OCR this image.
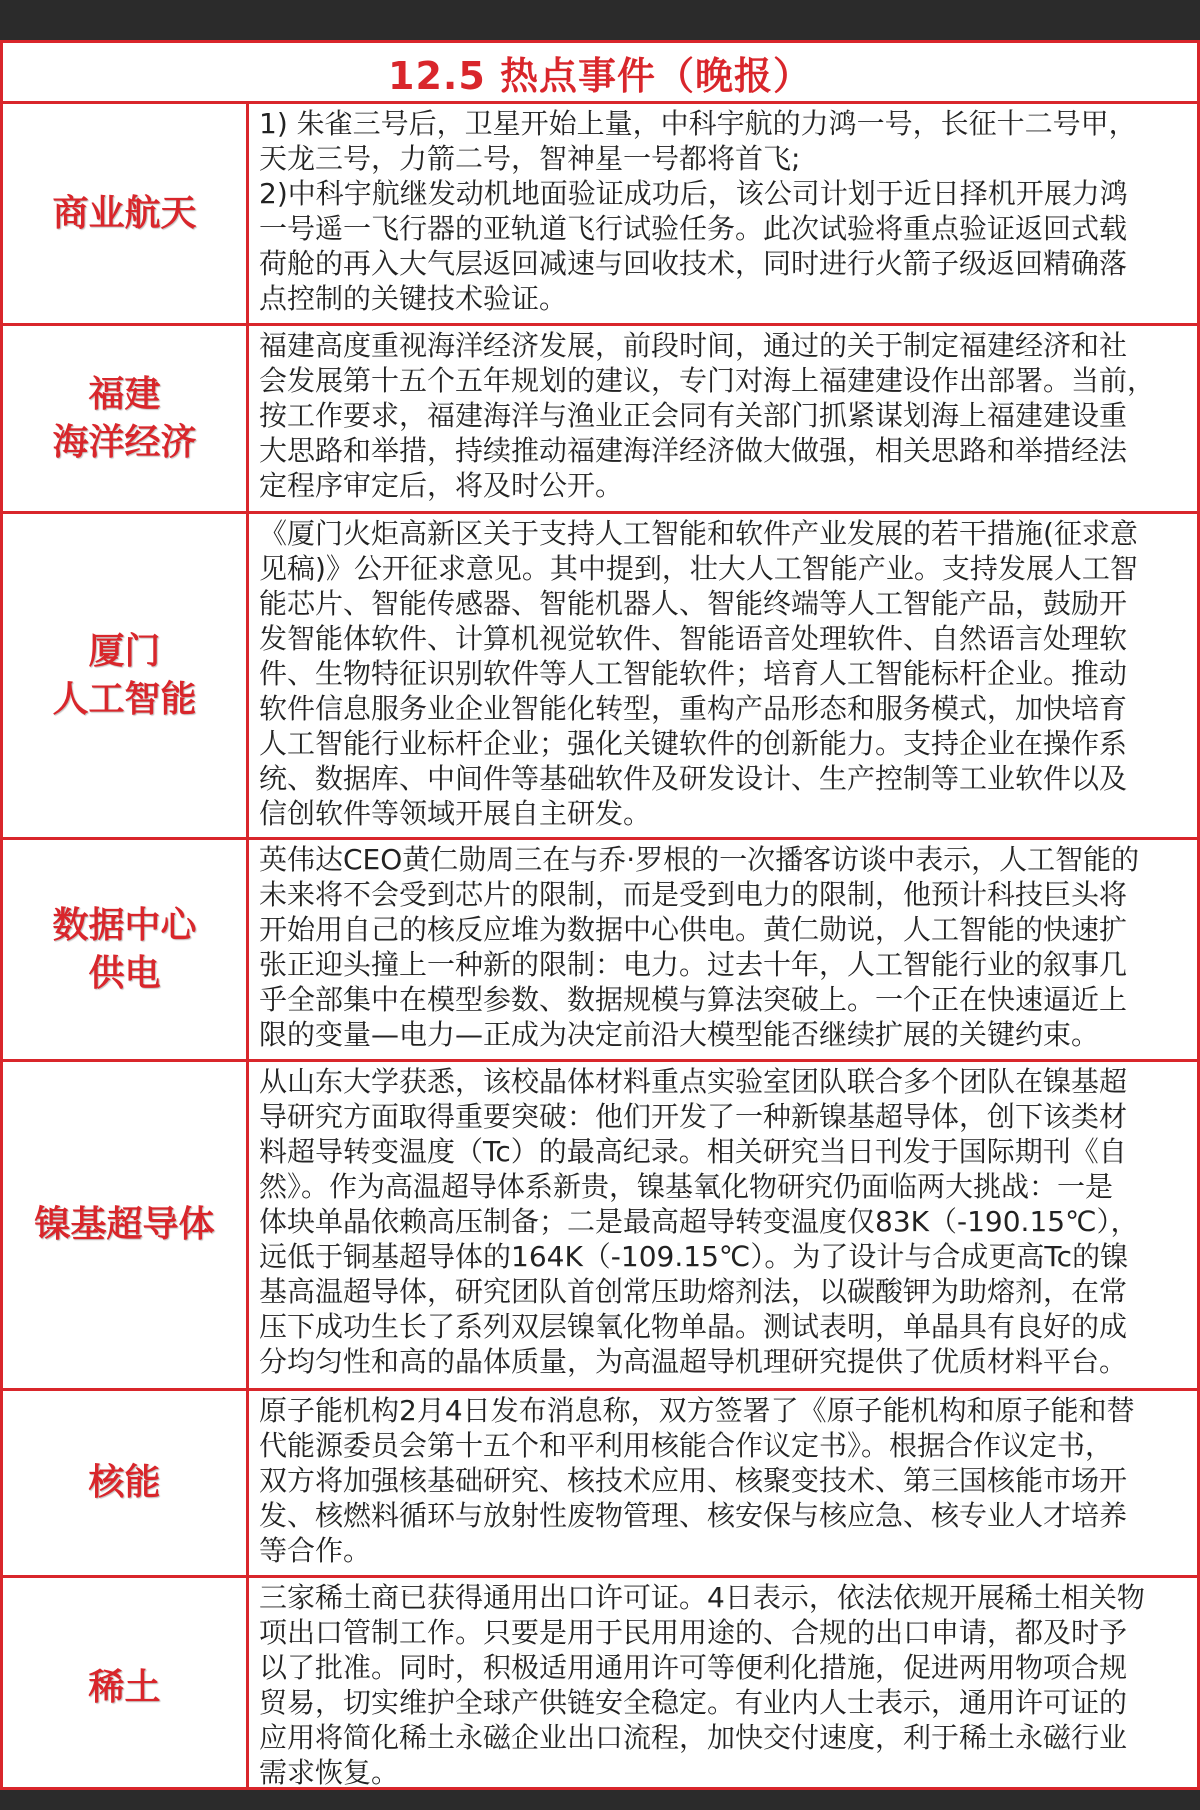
12.5 热点事件（晚报）
商业航天
1) 朱雀三号后，卫星开始上量，中科宇航的力鸿一号，长征十二号甲，
天龙三号，力箭二号，智神星一号都将首飞;
2)中科宇航继发动机地面验证成功后，该公司计划于近日择机开展力鸿
一号遥一飞行器的亚轨道飞行试验任务。此次试验将重点验证返回式载
荷舱的再入大气层返回减速与回收技术，同时进行火箭子级返回精确落
点控制的关键技术验证。
福建
海洋经济
福建高度重视海洋经济发展，前段时间，通过的关于制定福建经济和社
会发展第十五个五年规划的建议，专门对海上福建建设作出部署。当前，
按工作要求，福建海洋与渔业正会同有关部门抓紧谋划海上福建建设重
大思路和举措，持续推动福建海洋经济做大做强，相关思路和举措经法
定程序审定后，将及时公开。
厦门
人工智能
《厦门火炬高新区关于支持人工智能和软件产业发展的若干措施(征求意
见稿)》公开征求意见。其中提到，壮大人工智能产业。支持发展人工智
能芯片、智能传感器、智能机器人、智能终端等人工智能产品，鼓励开
发智能体软件、计算机视觉软件、智能语音处理软件、自然语言处理软
件、生物特征识别软件等人工智能软件；培育人工智能标杆企业。推动
软件信息服务业企业智能化转型，重构产品形态和服务模式，加快培育
人工智能行业标杆企业；强化关键软件的创新能力。支持企业在操作系
统、数据库、中间件等基础软件及研发设计、生产控制等工业软件以及
信创软件等领域开展自主研发。
数据中心
供电
英伟达CEO黄仁勋周三在与乔·罗根的一次播客访谈中表示，人工智能的
未来将不会受到芯片的限制，而是受到电力的限制，他预计科技巨头将
开始用自己的核反应堆为数据中心供电。黄仁勋说，人工智能的快速扩
张正迎头撞上一种新的限制：电力。过去十年，人工智能行业的叙事几
乎全部集中在模型参数、数据规模与算法突破上。一个正在快速逼近上
限的变量—电力—正成为决定前沿大模型能否继续扩展的关键约束。
镍基超导体
从山东大学获悉，该校晶体材料重点实验室团队联合多个团队在镍基超
导研究方面取得重要突破：他们开发了一种新镍基超导体，创下该类材
料超导转变温度（Tc）的最高纪录。相关研究当日刊发于国际期刊《自
然》。作为高温超导体系新贵，镍基氧化物研究仍面临两大挑战：一是
体块单晶依赖高压制备；二是最高超导转变温度仅83K（-190.15℃），
远低于铜基超导体的164K（-109.15℃）。为了设计与合成更高Tc的镍
基高温超导体，研究团队首创常压助熔剂法，以碳酸钾为助熔剂，在常
压下成功生长了系列双层镍氧化物单晶。测试表明，单晶具有良好的成
分均匀性和高的晶体质量，为高温超导机理研究提供了优质材料平台。
核能
原子能机构2月4日发布消息称，双方签署了《原子能机构和原子能和替
代能源委员会第十五个和平利用核能合作议定书》。根据合作议定书，
双方将加强核基础研究、核技术应用、核聚变技术、第三国核能市场开
发、核燃料循环与放射性废物管理、核安保与核应急、核专业人才培养
等合作。
稀土
三家稀土商已获得通用出口许可证。4日表示，依法依规开展稀土相关物
项出口管制工作。只要是用于民用用途的、合规的出口申请，都及时予
以了批准。同时，积极适用通用许可等便利化措施，促进两用物项合规
贸易，切实维护全球产供链安全稳定。有业内人士表示，通用许可证的
应用将简化稀土永磁企业出口流程，加快交付速度，利于稀土永磁行业
需求恢复。
